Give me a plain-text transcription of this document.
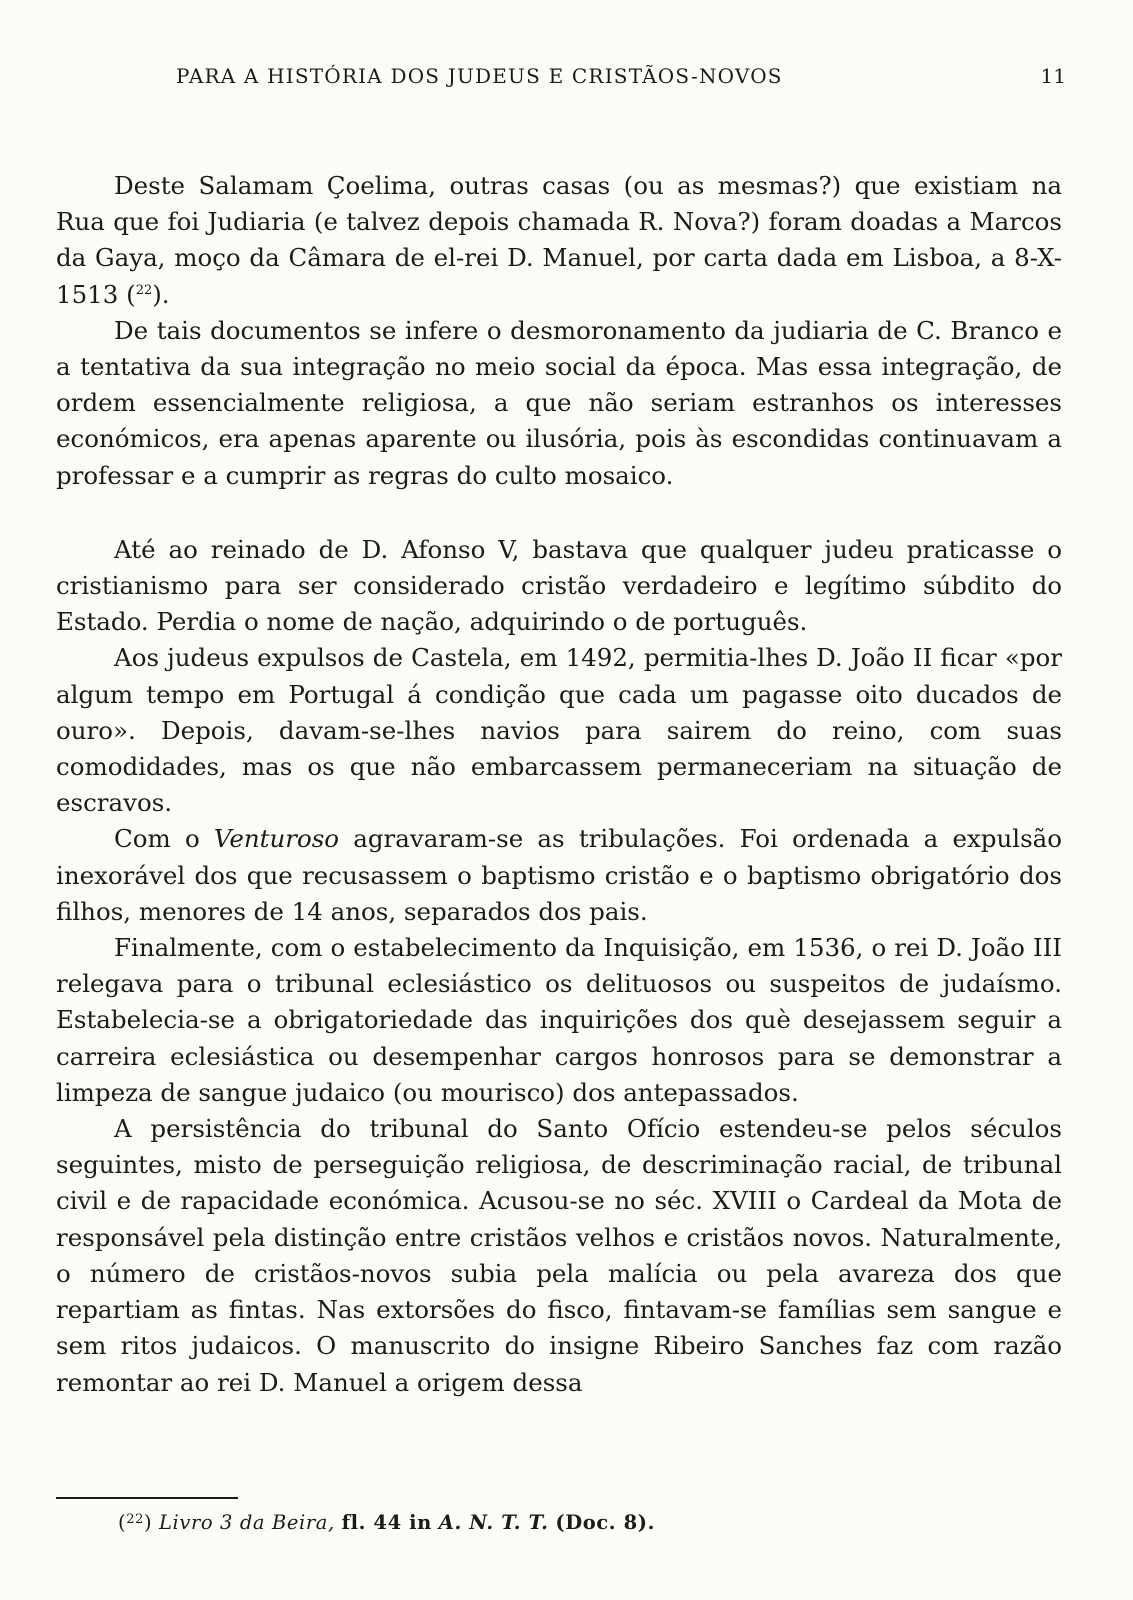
PARA A HISTÓRIA DOS JUDEUS E CRISTÃOS-NOVOS	11

Deste Salamam Çoelima, outras casas (ou as mesmas?) que existiam na Rua que foi Judiaria (e talvez depois chamada R. Nova?) foram doadas a Marcos da Gaya, moço da Câmara de el-rei D. Manuel, por carta dada em Lisboa, a 8-X-1513 ($^{22}$).

De tais documentos se infere o desmoronamento da judiaria de C. Branco e a tentativa da sua integração no meio social da época. Mas essa integração, de ordem essencialmente religiosa, a que não seriam estranhos os interesses económicos, era apenas aparente ou ilusória, pois às escondidas continuavam a professar e a cumprir as regras do culto mosaico.

Até ao reinado de D. Afonso V, bastava que qualquer judeu praticasse o cristianismo para ser considerado cristão verdadeiro e legítimo súbdito do Estado. Perdia o nome de nação, adquirindo o de português.

Aos judeus expulsos de Castela, em 1492, permitia-lhes D. João II ficar «por algum tempo em Portugal á condição que cada um pagasse oito ducados de ouro». Depois, davam-se-lhes navios para sairem do reino, com suas comodidades, mas os que não embarcassem permaneceriam na situação de escravos.

Com o Venturoso agravaram-se as tribulações. Foi ordenada a expulsão inexorável dos que recusassem o baptismo cristão e o baptismo obrigatório dos filhos, menores de 14 anos, separados dos pais.

Finalmente, com o estabelecimento da Inquisição, em 1536, o rei D. João III relegava para o tribunal eclesiástico os delituosos ou suspeitos de judaísmo. Estabelecia-se a obrigatoriedade das inquirições dos què desejassem seguir a carreira eclesiástica ou desempenhar cargos honrosos para se demonstrar a limpeza de sangue judaico (ou mourisco) dos antepassados.

A persistência do tribunal do Santo Ofício estendeu-se pelos séculos seguintes, misto de perseguição religiosa, de descriminação racial, de tribunal civil e de rapacidade económica. Acusou-se no séc. XVIII o Cardeal da Mota de responsável pela distinção entre cristãos velhos e cristãos novos. Naturalmente, o número de cristãos-novos subia pela malícia ou pela avareza dos que repartiam as fintas. Nas extorsões do fisco, fintavam-se famílias sem sangue e sem ritos judaicos. O manuscrito do insigne Ribeiro Sanches faz com razão remontar ao rei D. Manuel a origem dessa

($^{22}$) Livro 3 da Beira, fl. 44 in A. N. T. T. (Doc. 8).
